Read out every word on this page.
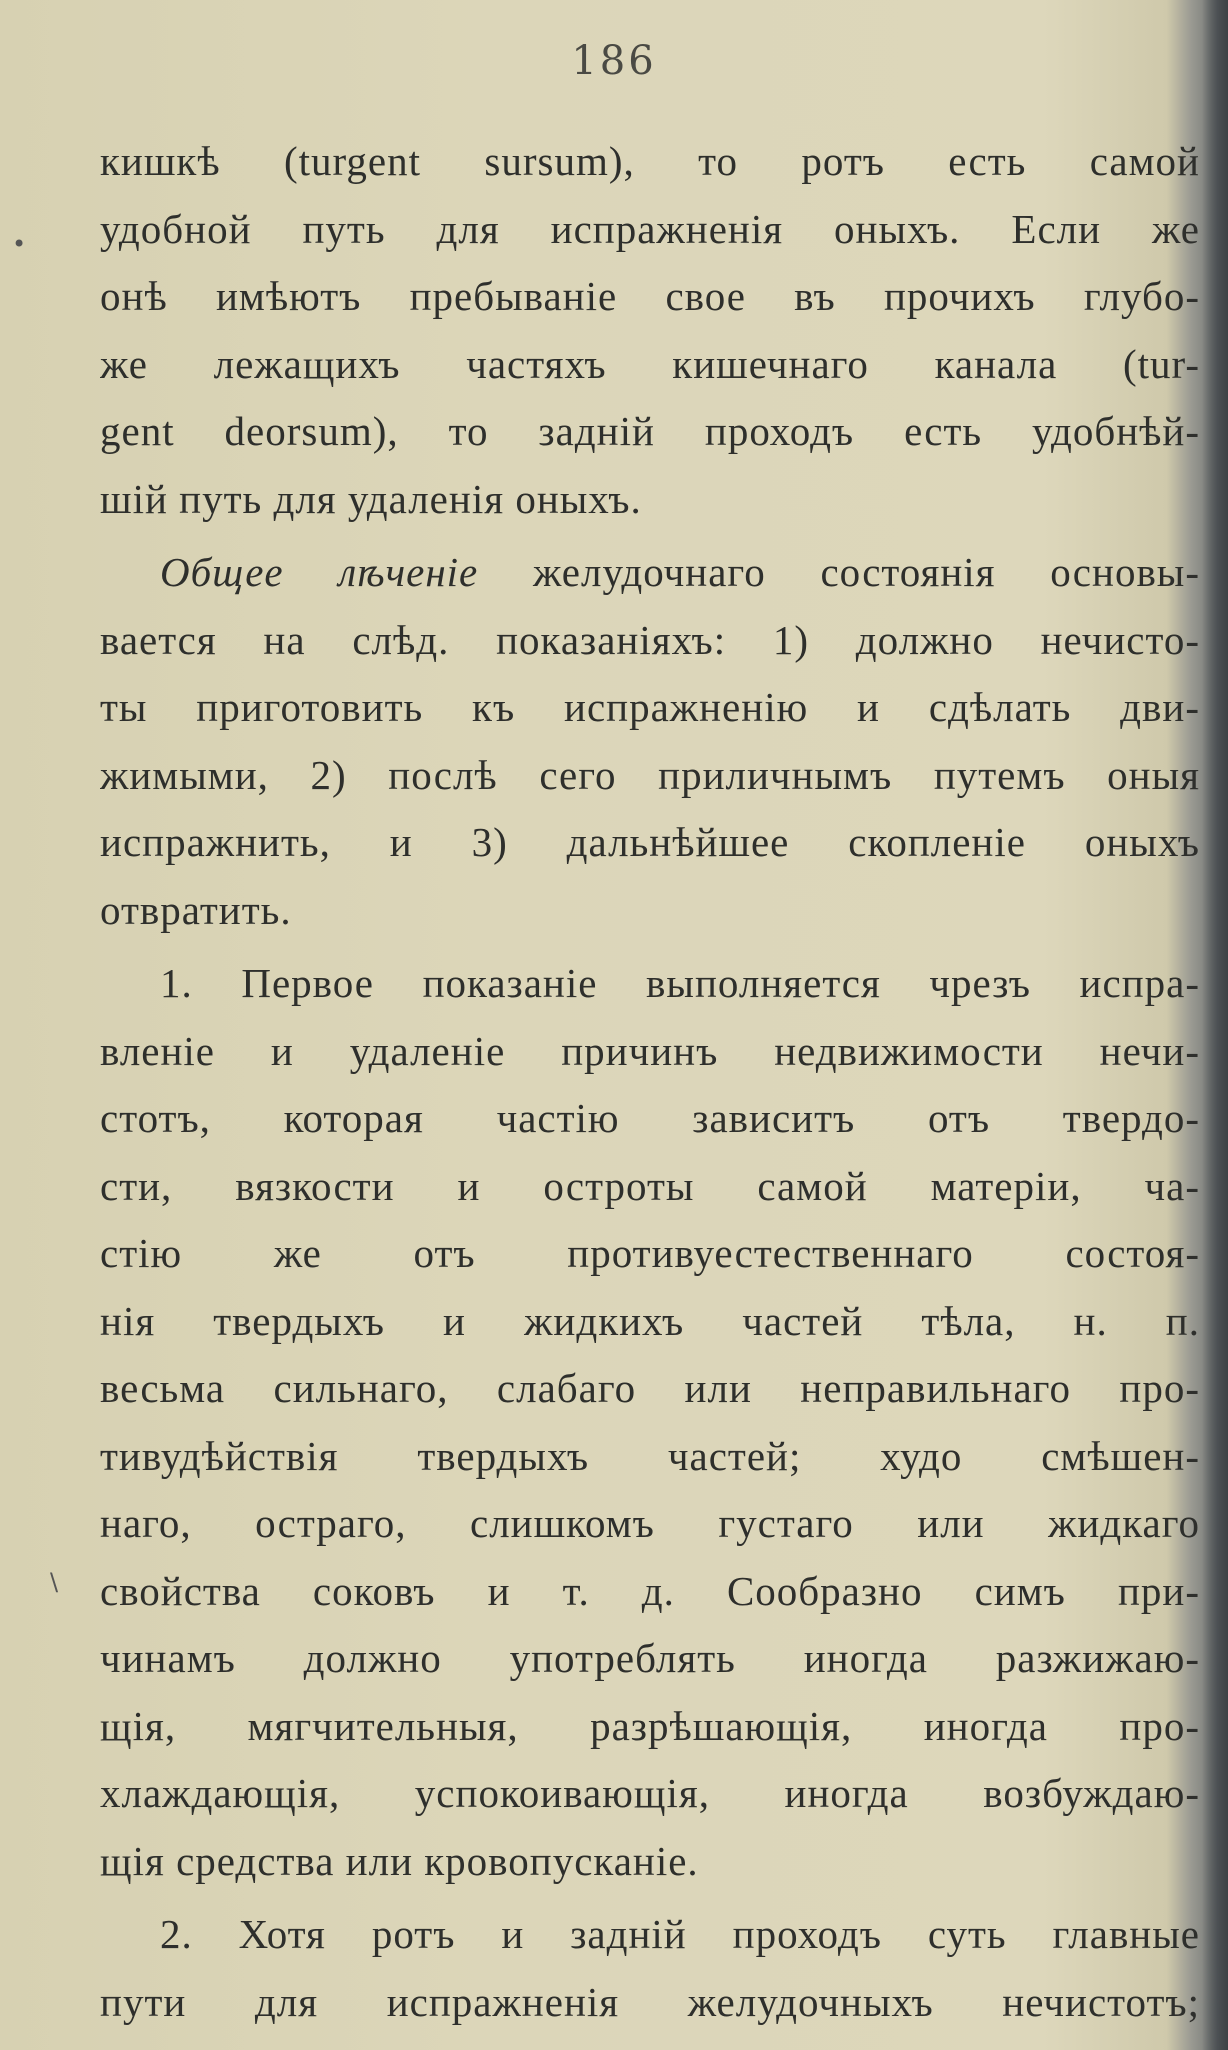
186
•
\
кишкѣ (turgent sursum), то ротъ есть самой
удобной путь для испражненія оныхъ. Если же
онѣ имѣютъ пребываніе свое въ прочихъ глубо-
же лежащихъ частяхъ кишечнаго канала (tur-
gent deorsum), то задній проходъ есть удобнѣй-
шій путь для удаленія оныхъ.
Общее лѣченіе желудочнаго состоянія основы-
вается на слѣд. показаніяхъ: 1) должно нечисто-
ты приготовить къ испражненію и сдѣлать дви-
жимыми, 2) послѣ сего приличнымъ путемъ оныя
испражнить, и 3) дальнѣйшее скопленіе оныхъ
отвратить.
1. Первое показаніе выполняется чрезъ испра-
вленіе и удаленіе причинъ недвижимости нечи-
стотъ, которая частію зависитъ отъ твердо-
сти, вязкости и остроты самой матеріи, ча-
стію же отъ противуестественнаго состоя-
нія твердыхъ и жидкихъ частей тѣла, н. п.
весьма сильнаго, слабаго или неправильнаго про-
тивудѣйствія твердыхъ частей; худо смѣшен-
наго, остраго, слишкомъ густаго или жидкаго
свойства соковъ и т. д. Сообразно симъ при-
чинамъ должно употреблять иногда разжижаю-
щія, мягчительныя, разрѣшающія, иногда про-
хлаждающія, успокоивающія, иногда возбуждаю-
щія средства или кровопусканіе.
2. Хотя ротъ и задній проходъ суть главные
пути для испражненія желудочныхъ нечистотъ;
